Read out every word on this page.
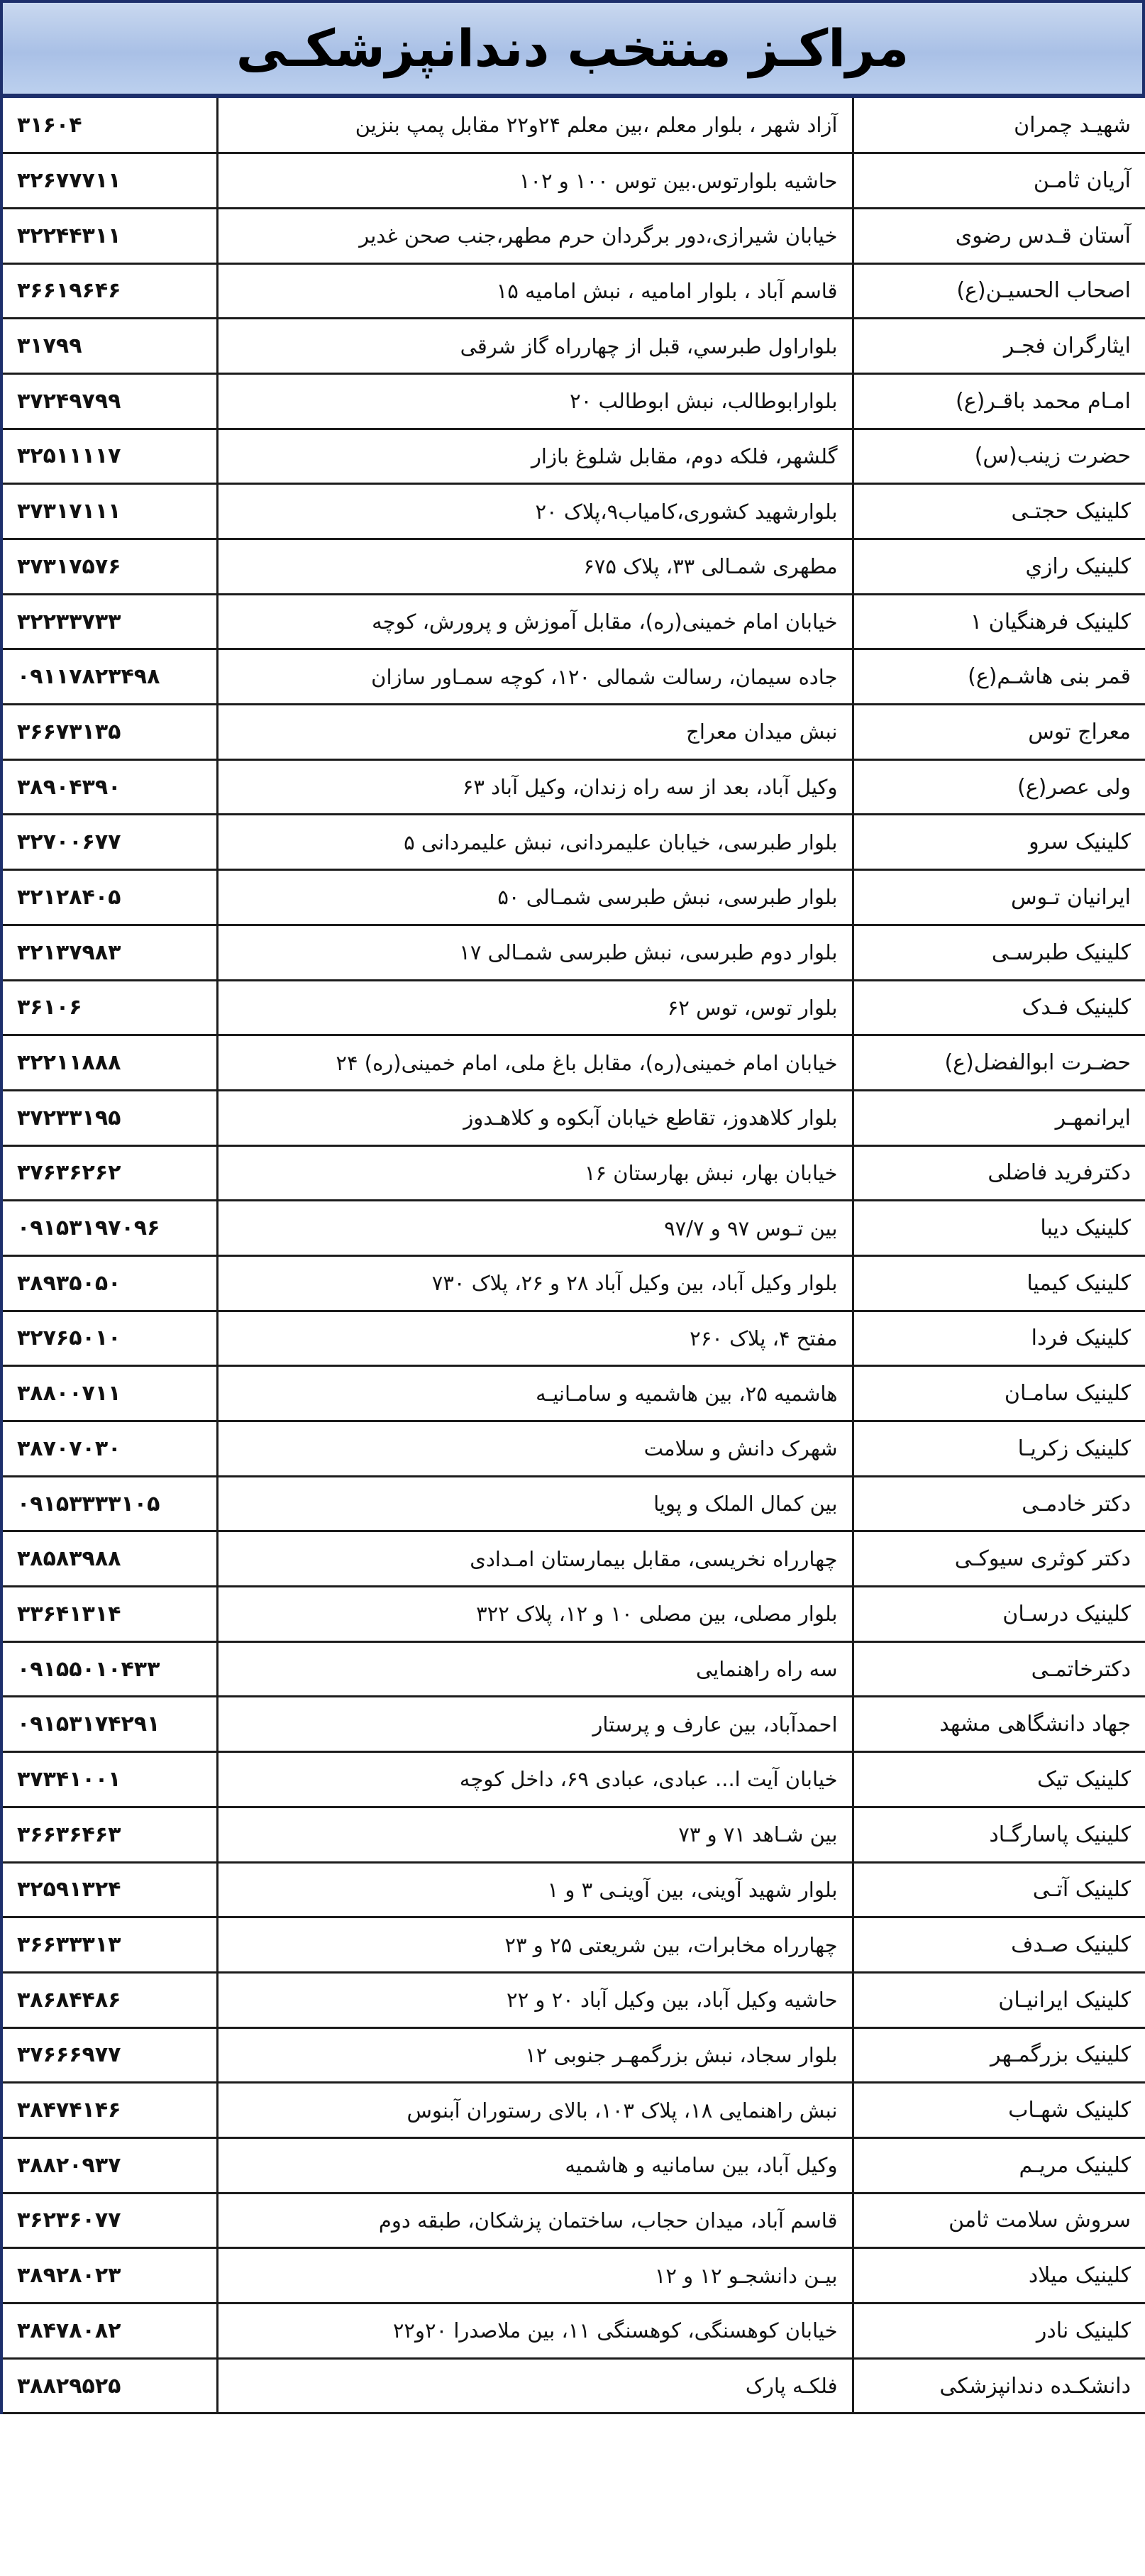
مراکـز منتخب دندانپزشکـی
۳۱۶۰۴	آزاد شهر ، بلوار معلم ،بین معلم ۲۴و۲۲ مقابل پمپ بنزین	شهیـد چمران
۳۲۶۷۷۷۱۱	حاشیه بلوارتوس.بین توس ۱۰۰ و ۱۰۲	آریان ثامـن
۳۲۲۴۴۳۱۱	خیابان شیرازی،دور برگردان حرم مطهر،جنب صحن غدیر	آستان قـدس رضوی
۳۶۶۱۹۶۴۶	قاسم آباد ، بلوار امامیه ، نبش امامیه ۱۵	اصحاب الحسیـن(ع)
۳۱۷۹۹	بلواراول طبرسي، قبل از چهارراه گاز شرقی	ایثارگران فجـر
۳۷۲۴۹۷۹۹	بلوارابوطالب، نبش ابوطالب ۲۰	امـام محمد باقـر(ع)
۳۲۵۱۱۱۱۷	گلشهر، فلکه دوم، مقابل شلوغ بازار	حضرت زینب(س)
۳۷۳۱۷۱۱۱	بلوارشهید کشوری،کامیاب۹،پلاک ۲۰	کلینیک حجتـی
۳۷۳۱۷۵۷۶	مطهری شمـالی ۳۳، پلاک ۶۷۵	کلینیک رازي
۳۲۲۳۳۷۳۳	خیابان امام خمینی(ره)، مقابل آموزش و پرورش، کوچه	کلینیک فرهنگیان ۱
۰۹۱۱۷۸۲۳۴۹۸	جاده سیمان، رسالت شمالی ۱۲۰، کوچه سمـاور سازان	قمر بنی هاشـم(ع)
۳۶۶۷۳۱۳۵	نبش میدان معراج	معراج توس
۳۸۹۰۴۳۹۰	وکیل آباد، بعد از سه راه زندان، وکیل آباد ۶۳	ولی عصر(ع)
۳۲۷۰۰۶۷۷	بلوار طبرسی، خیابان علیمردانی، نبش علیمردانی ۵	کلینیک سرو
۳۲۱۲۸۴۰۵	بلوار طبرسی، نبش طبرسی شمـالی ۵۰	ایرانیان تـوس
۳۲۱۳۷۹۸۳	بلوار دوم طبرسی، نبش طبرسی شمـالی ۱۷	کلینیک طبرسـی
۳۶۱۰۶	بلوار توس، توس ۶۲	کلینیک فـدک
۳۲۲۱۱۸۸۸	خیابان امام خمینی(ره)، مقابل باغ ملی، امام خمینی(ره) ۲۴	حضـرت ابوالفضل(ع)
۳۷۲۳۳۱۹۵	بلوار کلاهدوز، تقاطع خیابان آبکوه و کلاهـدوز	ایرانمهـر
۳۷۶۳۶۲۶۲	خیابان بهار، نبش بهارستان ۱۶	دکترفرید فاضلی
۰۹۱۵۳۱۹۷۰۹۶	بین تـوس ۹۷ و ۹۷/۷	کلینیک دیبا
۳۸۹۳۵۰۵۰	بلوار وکیل آباد، بین وکیل آباد ۲۸ و ۲۶، پلاک ۷۳۰	کلینیک کیمیا
۳۲۷۶۵۰۱۰	مفتح ۴، پلاک ۲۶۰	کلینیک فردا
۳۸۸۰۰۷۱۱	هاشمیه ۲۵، بین هاشمیه و سامـانیـه	کلینیک سامـان
۳۸۷۰۷۰۳۰	شهرک دانش و سلامت	کلینیک زکریـا
۰۹۱۵۳۳۳۳۱۰۵	بین کمال الملک و پویا	دکتر خادمـی
۳۸۵۸۳۹۸۸	چهارراه نخریسی، مقابل بیمارستان امـدادی	دکتر کوثری سیوکـی
۳۳۶۴۱۳۱۴	بلوار مصلی، بین مصلی ۱۰ و ۱۲، پلاک ۳۲۲	کلینیک درسـان
۰۹۱۵۵۰۱۰۴۳۳	سه راه راهنمایی	دکترخاتمـی
۰۹۱۵۳۱۷۴۲۹۱	احمدآباد، بین عارف و پرستار	جهاد دانشگاهی مشهد
۳۷۳۴۱۰۰۱	خیابان آیت ا... عبادی، عبادی ۶۹، داخل کوچه	کلینیک تیک
۳۶۶۳۶۴۶۳	بین شـاهد ۷۱ و ۷۳	کلینیک پاسارگـاد
۳۲۵۹۱۳۲۴	بلوار شهید آوینی، بین آوینـی ۳ و ۱	کلینیک آتـی
۳۶۶۳۳۳۱۳	چهارراه مخابرات، بین شریعتی ۲۵ و ۲۳	کلینیک صـدف
۳۸۶۸۴۴۸۶	حاشیه وکیل آباد، بین وکیل آباد ۲۰ و ۲۲	کلینیک ایرانیـان
۳۷۶۶۶۹۷۷	بلوار سجاد، نبش بزرگمهـر جنوبی ۱۲	کلینیک بزرگمـهر
۳۸۴۷۴۱۴۶	نبش راهنمایی ۱۸، پلاک ۱۰۳، بالای رستوران آبنوس	کلینیک شهـاب
۳۸۸۲۰۹۳۷	وکیل آباد، بین سامانیه و هاشمیه	کلینیک مریـم
۳۶۲۳۶۰۷۷	قاسم آباد، میدان حجاب، ساختمان پزشکان، طبقه دوم	سروش سلامت ثامن
۳۸۹۲۸۰۲۳	بیـن دانشجـو ۱۲ و ۱۲	کلینیک میلاد
۳۸۴۷۸۰۸۲	خیابان کوهسنگی، کوهسنگی ۱۱، بین ملاصدرا ۲۰و۲۲	کلینیک نادر
۳۸۸۲۹۵۲۵	فلکـه پارک	دانشکـده دندانپزشکی
